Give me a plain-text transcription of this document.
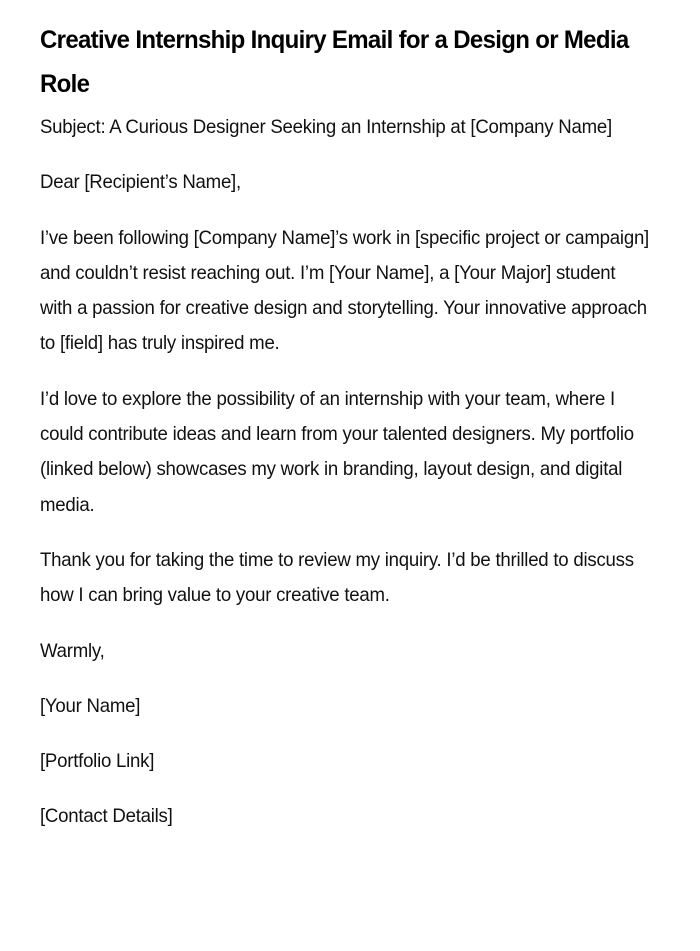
Creative Internship Inquiry Email for a Design or Media Role

Subject: A Curious Designer Seeking an Internship at [Company Name]

Dear [Recipient’s Name],

I’ve been following [Company Name]’s work in [specific project or campaign] and couldn’t resist reaching out. I’m [Your Name], a [Your Major] student with a passion for creative design and storytelling. Your innovative approach to [field] has truly inspired me.

I’d love to explore the possibility of an internship with your team, where I could contribute ideas and learn from your talented designers. My portfolio (linked below) showcases my work in branding, layout design, and digital media.

Thank you for taking the time to review my inquiry. I’d be thrilled to discuss how I can bring value to your creative team.

Warmly,

[Your Name]

[Portfolio Link]

[Contact Details]
